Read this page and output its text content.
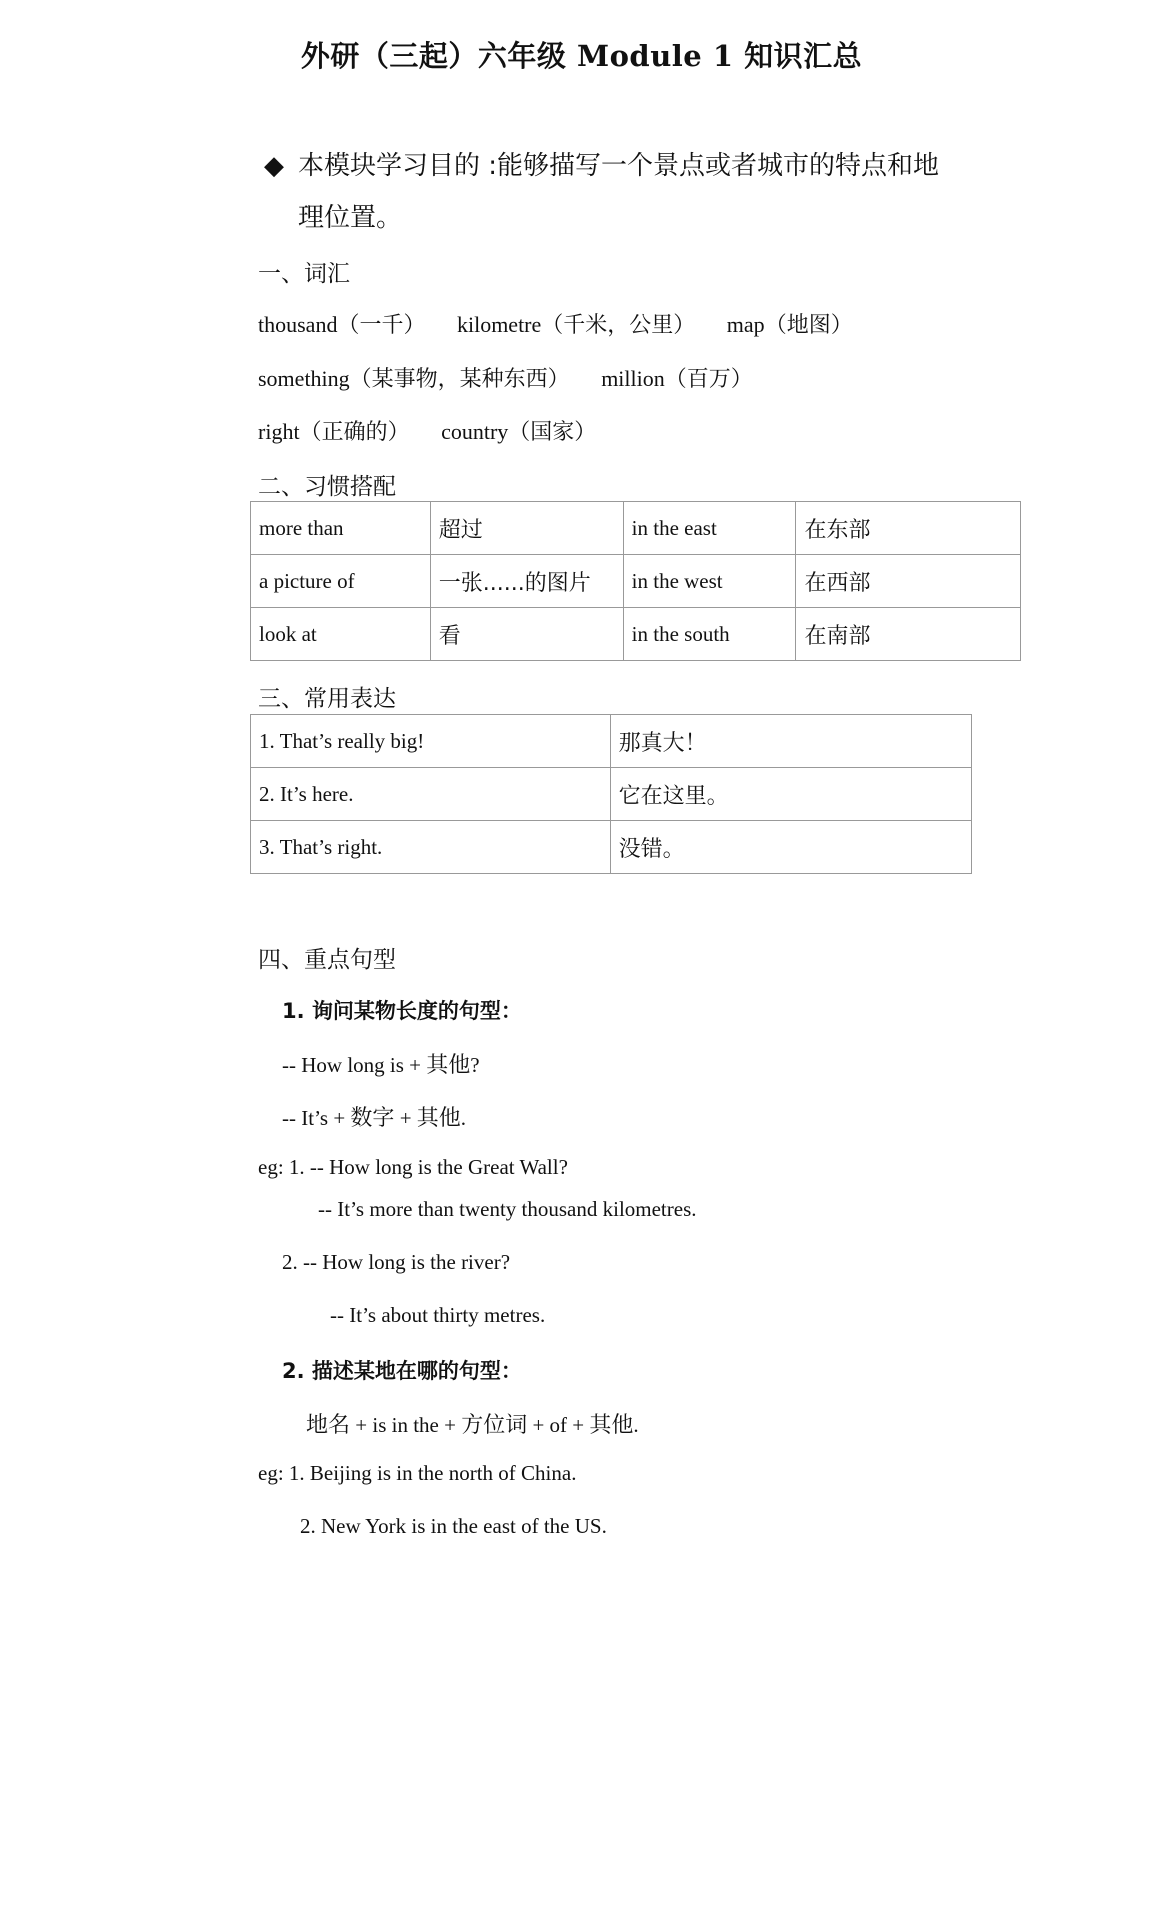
外研（三起）六年级 Module 1 知识汇总
◆ 本模块学习目的 :能够描写一个景点或者城市的特点和地
理位置。
一、词汇
thousand（一千） kilometre（千米，公里） map（地图）
something（某事物，某种东西） million（百万）
right（正确的） country（国家）
二、习惯搭配
more than	超过	in the east	在东部
a picture of	一张......的图片	in the west	在西部
look at	看	in the south	在南部
三、常用表达
1. That’s really big!	那真大！
2. It’s here.	它在这里。
3. That’s right.	没错。
四、重点句型
1. 询问某物长度的句型：
-- How long is + 其他?
-- It’s + 数字 + 其他.
eg: 1. -- How long is the Great Wall?
-- It’s more than twenty thousand kilometres.
2. -- How long is the river?
-- It’s about thirty metres.
2. 描述某地在哪的句型：
地名 + is in the + 方位词 + of + 其他.
eg: 1. Beijing is in the north of China.
2. New York is in the east of the US.
